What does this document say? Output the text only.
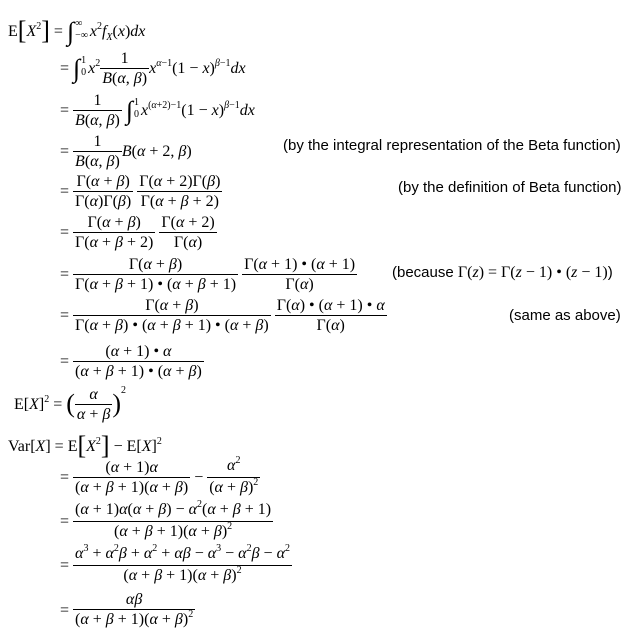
$E[X^2]$ = ∫ ∞
−∞ $x^2f_X(x)dx$
= ∫ 1
0 $x^2 \frac{1}{B(\alpha, \beta)} x^{\alpha-1}(1 - x)^{\beta-1}dx$
= $\frac{1}{B(\alpha, \beta)}$ ∫ 1
0 $x^{(\alpha+2)-1}(1 - x)^{\beta-1}dx$
= $\frac{1}{B(\alpha, \beta)} B(\alpha + 2$, β)	(by the integral representation of the Beta function)
= $\frac{\Gamma(\alpha + \beta)}{\Gamma(\alpha)\Gamma(\beta)}$
$\frac{\Gamma(\alpha + 2)\Gamma(\beta)}{\Gamma(\alpha + \beta + 2)}$	(by the definition of Beta function)
= $\frac{\Gamma(\alpha + \beta)}{\Gamma(\alpha + \beta + 2)}$
$\frac{\Gamma(\alpha + 2)}{\Gamma(\alpha)}$
= $\frac{\Gamma(\alpha + \beta)}{\Gamma(\alpha + \beta + 1) • (\alpha + \beta + 1)}$
$\frac{\Gamma(\alpha + 1) • (\alpha + 1)}{\Gamma(\alpha)}$ (because Γ(z) = Γ(z − 1) • (z − 1))
= $\frac{\Gamma(\alpha + \beta)}{\Gamma(\alpha + \beta) • (\alpha + \beta + 1) • (\alpha + \beta)}$
$\frac{\Gamma(\alpha) • (\alpha + 1) • \alpha}{\Gamma(\alpha)}$	(same as above)
= $\frac{(\alpha + 1) • \alpha}{(\alpha + \beta + 1) • (\alpha + \beta)}$
$E[X]^2$ = ( $\frac{\alpha}{\alpha + \beta} )^2$
$Var[X] = E[X^2] - E[X]^2$
= $\frac{(\alpha + 1)\alpha}{(\alpha + \beta + 1)(\alpha + \beta)} - \frac{\alpha^2}{(\alpha + \beta)^2}$
= $\frac{(\alpha + 1)\alpha(\alpha + \beta) - \alpha^2(\alpha + \beta + 1)}{(\alpha + \beta + 1)(\alpha + \beta)^2}$
= $\frac{\alpha^3 + \alpha^2\beta + \alpha^2 + \alpha\beta - \alpha^3 - \alpha^2\beta - \alpha^2}{(\alpha + \beta + 1)(\alpha + \beta)^2}$
= $\frac{\alpha\beta}{(\alpha + \beta + 1)(\alpha + \beta)^2}$
